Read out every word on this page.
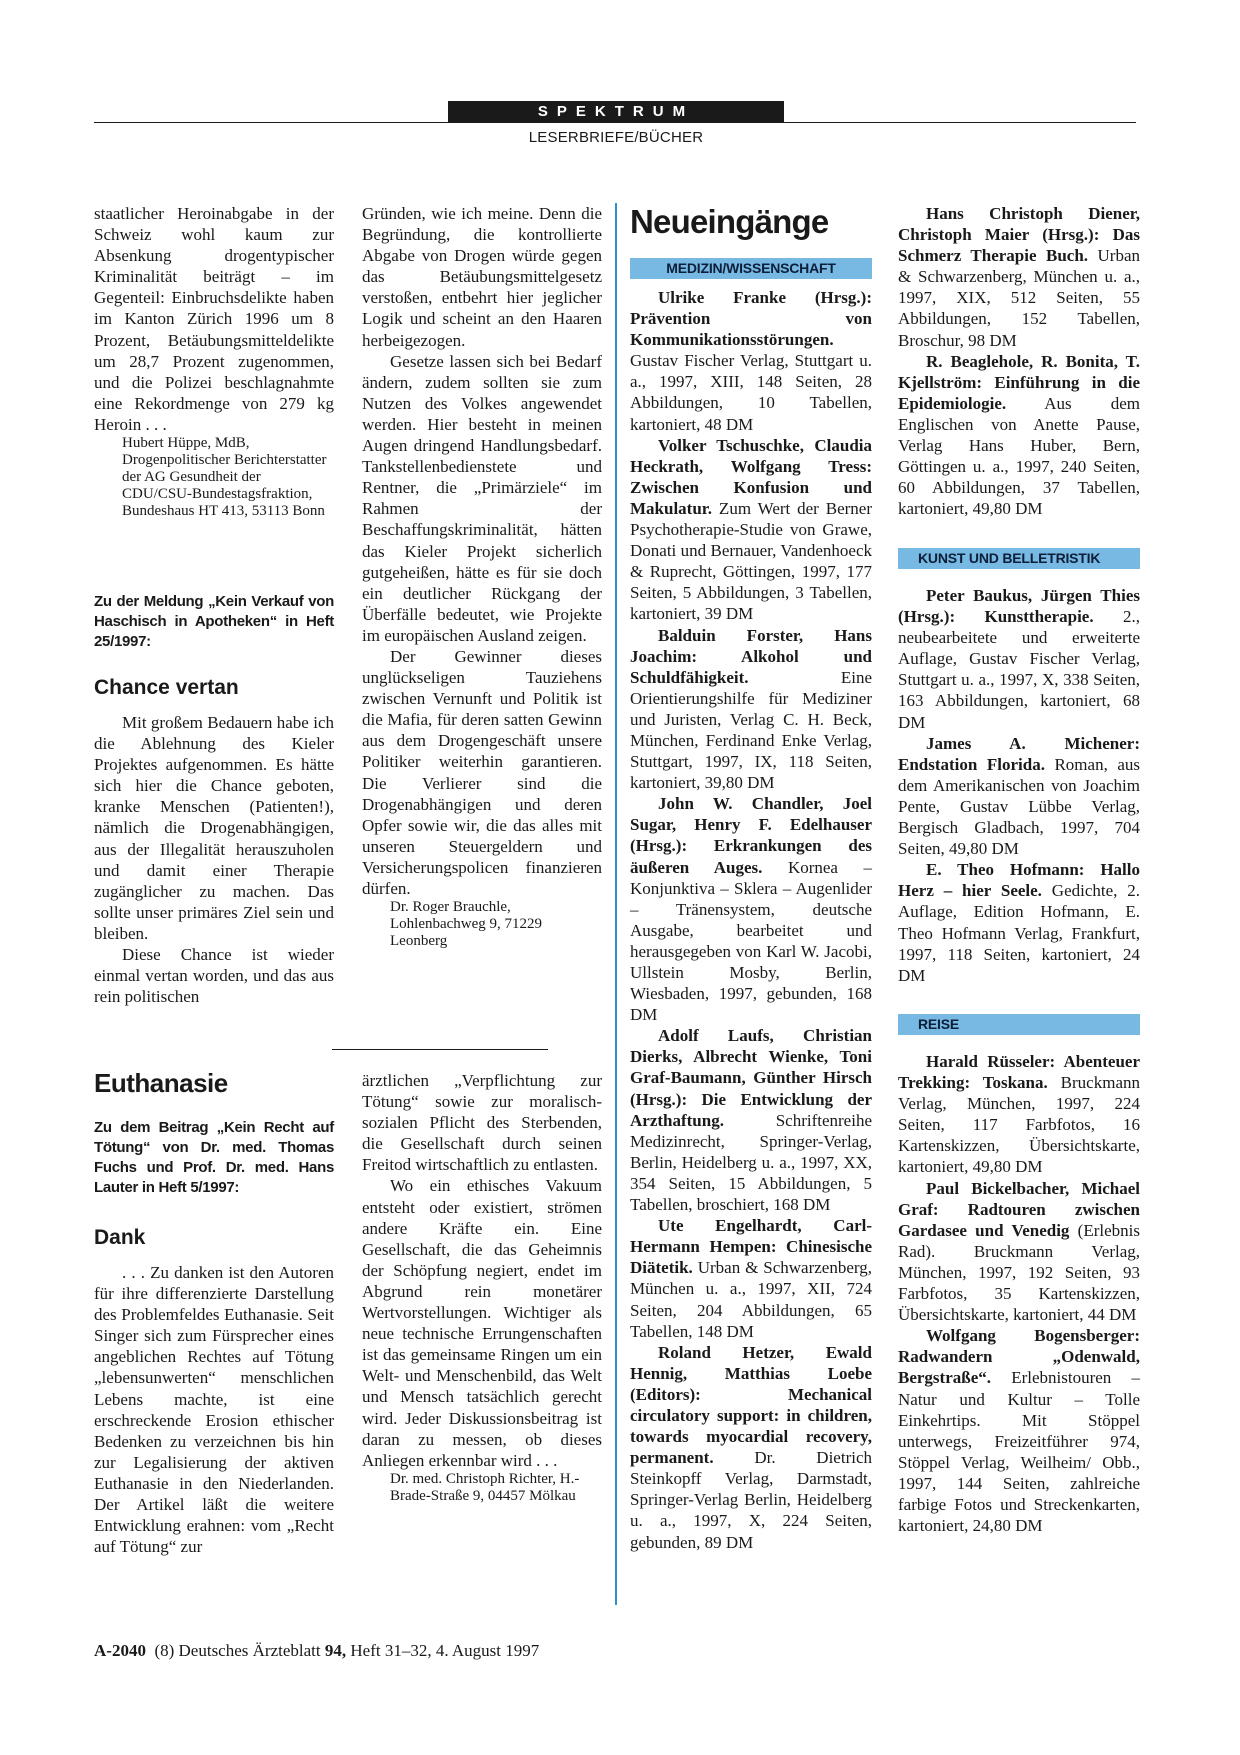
SPEKTRUM
LESERBRIEFE/BÜCHER

staatlicher Heroinabgabe in der Schweiz wohl kaum zur Absenkung drogentypischer Kriminalität beiträgt – im Gegenteil: Einbruchsdelikte haben im Kanton Zürich 1996 um 8 Prozent, Betäubungsmitteldelikte um 28,7 Prozent zugenommen, und die Polizei beschlagnahmte eine Rekordmenge von 279 kg Heroin . . .

Hubert Hüppe, MdB, Drogenpolitischer Berichterstatter der AG Gesundheit der CDU/CSU-Bundestagsfraktion, Bundeshaus HT 413, 53113 Bonn

Zu der Meldung „Kein Verkauf von Haschisch in Apotheken“ in Heft 25/1997:
Chance vertan

Mit großem Bedauern habe ich die Ablehnung des Kieler Projektes aufgenommen. Es hätte sich hier die Chance geboten, kranke Menschen (Patienten!), nämlich die Drogenabhängigen, aus der Illegalität herauszuholen und damit einer Therapie zugänglicher zu machen. Das sollte unser primäres Ziel sein und bleiben.

Diese Chance ist wieder einmal vertan worden, und das aus rein politischen

Gründen, wie ich meine. Denn die Begründung, die kontrollierte Abgabe von Drogen würde gegen das Betäubungsmittelgesetz verstoßen, entbehrt hier jeglicher Logik und scheint an den Haaren herbeigezogen.

Gesetze lassen sich bei Bedarf ändern, zudem sollten sie zum Nutzen des Volkes angewendet werden. Hier besteht in meinen Augen dringend Handlungsbedarf. Tankstellenbedienstete und Rentner, die „Primärziele“ im Rahmen der Beschaffungskriminalität, hätten das Kieler Projekt sicherlich gutgeheißen, hätte es für sie doch ein deutlicher Rückgang der Überfälle bedeutet, wie Projekte im europäischen Ausland zeigen.

Der Gewinner dieses unglückseligen Tauziehens zwischen Vernunft und Politik ist die Mafia, für deren satten Gewinn aus dem Drogengeschäft unsere Politiker weiterhin garantieren. Die Verlierer sind die Drogenabhängigen und deren Opfer sowie wir, die das alles mit unseren Steuergeldern und Versicherungspolicen finanzieren dürfen.

Dr. Roger Brauchle, Lohlenbachweg 9, 71229 Leonberg

Euthanasie
Zu dem Beitrag „Kein Recht auf Tötung“ von Dr. med. Thomas Fuchs und Prof. Dr. med. Hans Lauter in Heft 5/1997:
Dank

. . . Zu danken ist den Autoren für ihre differenzierte Darstellung des Problemfeldes Euthanasie. Seit Singer sich zum Fürsprecher eines angeblichen Rechtes auf Tötung „lebensunwerten“ menschlichen Lebens machte, ist eine erschreckende Erosion ethischer Bedenken zu verzeichnen bis hin zur Legalisierung der aktiven Euthanasie in den Niederlanden. Der Artikel läßt die weitere Entwicklung erahnen: vom „Recht auf Tötung“ zur

ärztlichen „Verpflichtung zur Tötung“ sowie zur moralisch-sozialen Pflicht des Sterbenden, die Gesellschaft durch seinen Freitod wirtschaftlich zu entlasten.

Wo ein ethisches Vakuum entsteht oder existiert, strömen andere Kräfte ein. Eine Gesellschaft, die das Geheimnis der Schöpfung negiert, endet im Abgrund rein monetärer Wertvorstellungen. Wichtiger als neue technische Errungenschaften ist das gemeinsame Ringen um ein Welt- und Menschenbild, das Welt und Mensch tatsächlich gerecht wird. Jeder Diskussionsbeitrag ist daran zu messen, ob dieses Anliegen erkennbar wird . . .

Dr. med. Christoph Richter, H.-Brade-Straße 9, 04457 Mölkau

Neueingänge
MEDIZIN/WISSENSCHAFT

Ulrike Franke (Hrsg.): Prävention von Kommunikationsstörungen. Gustav Fischer Verlag, Stuttgart u. a., 1997, XIII, 148 Seiten, 28 Abbildungen, 10 Tabellen, kartoniert, 48 DM

Volker Tschuschke, Claudia Heckrath, Wolfgang Tress: Zwischen Konfusion und Makulatur. Zum Wert der Berner Psychotherapie-Studie von Grawe, Donati und Bernauer, Vandenhoeck & Ruprecht, Göttingen, 1997, 177 Seiten, 5 Abbildungen, 3 Tabellen, kartoniert, 39 DM

Balduin Forster, Hans Joachim: Alkohol und Schuldfähigkeit. Eine Orientierungshilfe für Mediziner und Juristen, Verlag C. H. Beck, München, Ferdinand Enke Verlag, Stuttgart, 1997, IX, 118 Seiten, kartoniert, 39,80 DM

John W. Chandler, Joel Sugar, Henry F. Edelhauser (Hrsg.): Erkrankungen des äußeren Auges. Kornea – Konjunktiva – Sklera – Augenlider – Tränensystem, deutsche Ausgabe, bearbeitet und herausgegeben von Karl W. Jacobi, Ullstein Mosby, Berlin, Wiesbaden, 1997, gebunden, 168 DM

Adolf Laufs, Christian Dierks, Albrecht Wienke, Toni Graf-Baumann, Günther Hirsch (Hrsg.): Die Entwicklung der Arzthaftung. Schriftenreihe Medizinrecht, Springer-Verlag, Berlin, Heidelberg u. a., 1997, XX, 354 Seiten, 15 Abbildungen, 5 Tabellen, broschiert, 168 DM

Ute Engelhardt, Carl-Hermann Hempen: Chinesische Diätetik. Urban & Schwarzenberg, München u. a., 1997, XII, 724 Seiten, 204 Abbildungen, 65 Tabellen, 148 DM

Roland Hetzer, Ewald Hennig, Matthias Loebe (Editors): Mechanical circulatory support: in children, towards myocardial recovery, permanent. Dr. Dietrich Steinkopff Verlag, Darmstadt, Springer-Verlag Berlin, Heidelberg u. a., 1997, X, 224 Seiten, gebunden, 89 DM

Hans Christoph Diener, Christoph Maier (Hrsg.): Das Schmerz Therapie Buch. Urban & Schwarzenberg, München u. a., 1997, XIX, 512 Seiten, 55 Abbildungen, 152 Tabellen, Broschur, 98 DM

R. Beaglehole, R. Bonita, T. Kjellström: Einführung in die Epidemiologie. Aus dem Englischen von Anette Pause, Verlag Hans Huber, Bern, Göttingen u. a., 1997, 240 Seiten, 60 Abbildungen, 37 Tabellen, kartoniert, 49,80 DM

KUNST UND BELLETRISTIK

Peter Baukus, Jürgen Thies (Hrsg.): Kunsttherapie. 2., neubearbeitete und erweiterte Auflage, Gustav Fischer Verlag, Stuttgart u. a., 1997, X, 338 Seiten, 163 Abbildungen, kartoniert, 68 DM

James A. Michener: Endstation Florida. Roman, aus dem Amerikanischen von Joachim Pente, Gustav Lübbe Verlag, Bergisch Gladbach, 1997, 704 Seiten, 49,80 DM

E. Theo Hofmann: Hallo Herz – hier Seele. Gedichte, 2. Auflage, Edition Hofmann, E. Theo Hofmann Verlag, Frankfurt, 1997, 118 Seiten, kartoniert, 24 DM

REISE

Harald Rüsseler: Abenteuer Trekking: Toskana. Bruckmann Verlag, München, 1997, 224 Seiten, 117 Farbfotos, 16 Kartenskizzen, Übersichtskarte, kartoniert, 49,80 DM

Paul Bickelbacher, Michael Graf: Radtouren zwischen Gardasee und Venedig (Erlebnis Rad). Bruckmann Verlag, München, 1997, 192 Seiten, 93 Farbfotos, 35 Kartenskizzen, Übersichtskarte, kartoniert, 44 DM

Wolfgang Bogensberger: Radwandern „Odenwald, Bergstraße“. Erlebnistouren – Natur und Kultur – Tolle Einkehrtips. Mit Stöppel unterwegs, Freizeitführer 974, Stöppel Verlag, Weilheim/ Obb., 1997, 144 Seiten, zahlreiche farbige Fotos und Streckenkarten, kartoniert, 24,80 DM

A-2040  (8) Deutsches Ärzteblatt 94, Heft 31–32, 4. August 1997
